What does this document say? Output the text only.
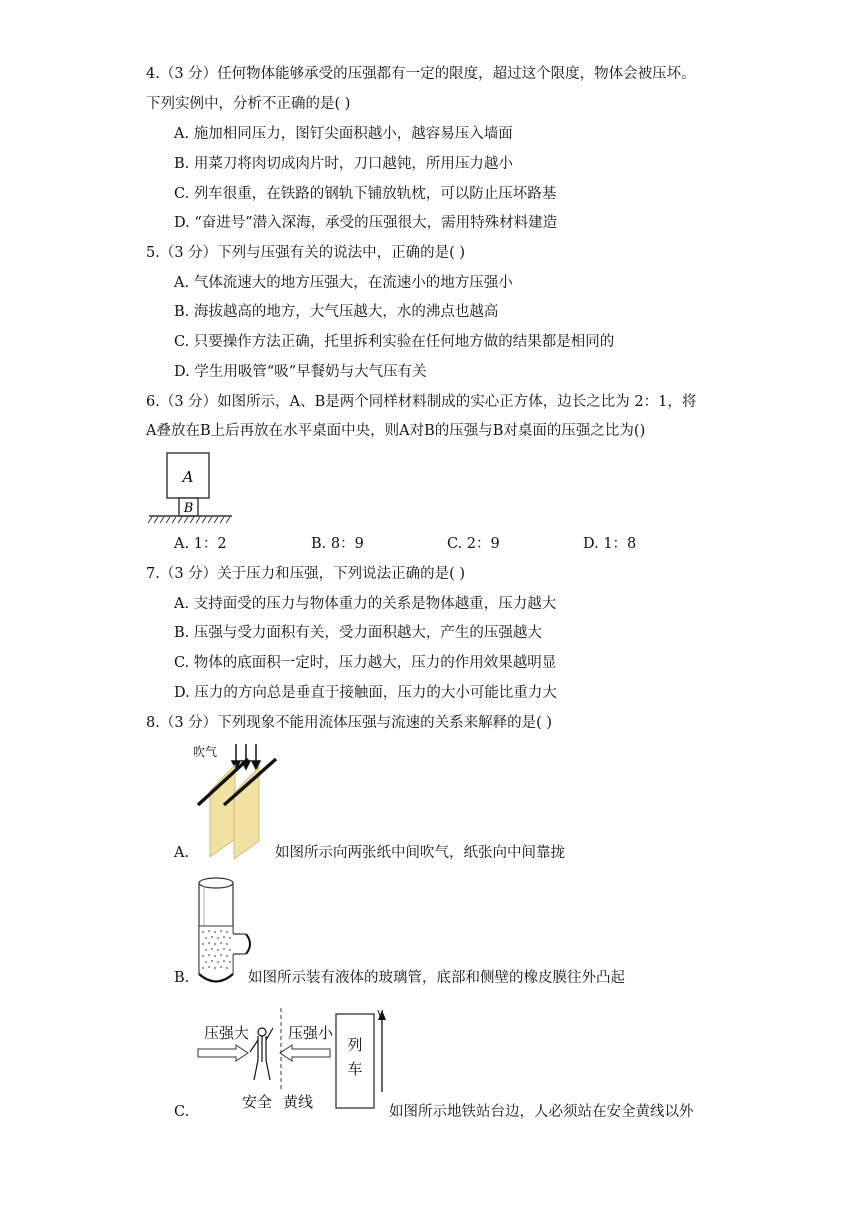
4.（3 分）任何物体能够承受的压强都有一定的限度，超过这个限度，物体会被压坏。
下列实例中，分析不正确的是( )
A. 施加相同压力，图钉尖面积越小，越容易压入墙面
B. 用菜刀将肉切成肉片时，刀口越钝，所用压力越小
C. 列车很重，在铁路的钢轨下铺放轨枕，可以防止压坏路基
D. “奋进号”潜入深海，承受的压强很大，需用特殊材料建造
5.（3 分）下列与压强有关的说法中，正确的是( )
A. 气体流速大的地方压强大，在流速小的地方压强小
B. 海拔越高的地方，大气压越大，水的沸点也越高
C. 只要操作方法正确，托里拆利实验在任何地方做的结果都是相同的
D. 学生用吸管“吸”早餐奶与大气压有关
6.（3 分）如图所示，A、B是两个同样材料制成的实心正方体，边长之比为 2：1，将
A叠放在B上后再放在水平桌面中央，则A对B的压强与B对桌面的压强之比为()
A
B
A. 1：2	B. 8：9	C. 2：9	D. 1：8
7.（3 分）关于压力和压强，下列说法正确的是( )
A. 支持面受的压力与物体重力的关系是物体越重，压力越大
B. 压强与受力面积有关，受力面积越大，产生的压强越大
C. 物体的底面积一定时，压力越大，压力的作用效果越明显
D. 压力的方向总是垂直于接触面，压力的大小可能比重力大
8.（3 分）下列现象不能用流体压强与流速的关系来解释的是( )
吹气
A.	如图所示向两张纸中间吹气，纸张向中间靠拢
B.	如图所示装有液体的玻璃管，底部和侧壁的橡皮膜往外凸起
压强大	压强小
列
车
v
安全 黄线
C.	如图所示地铁站台边，人必须站在安全黄线以外
